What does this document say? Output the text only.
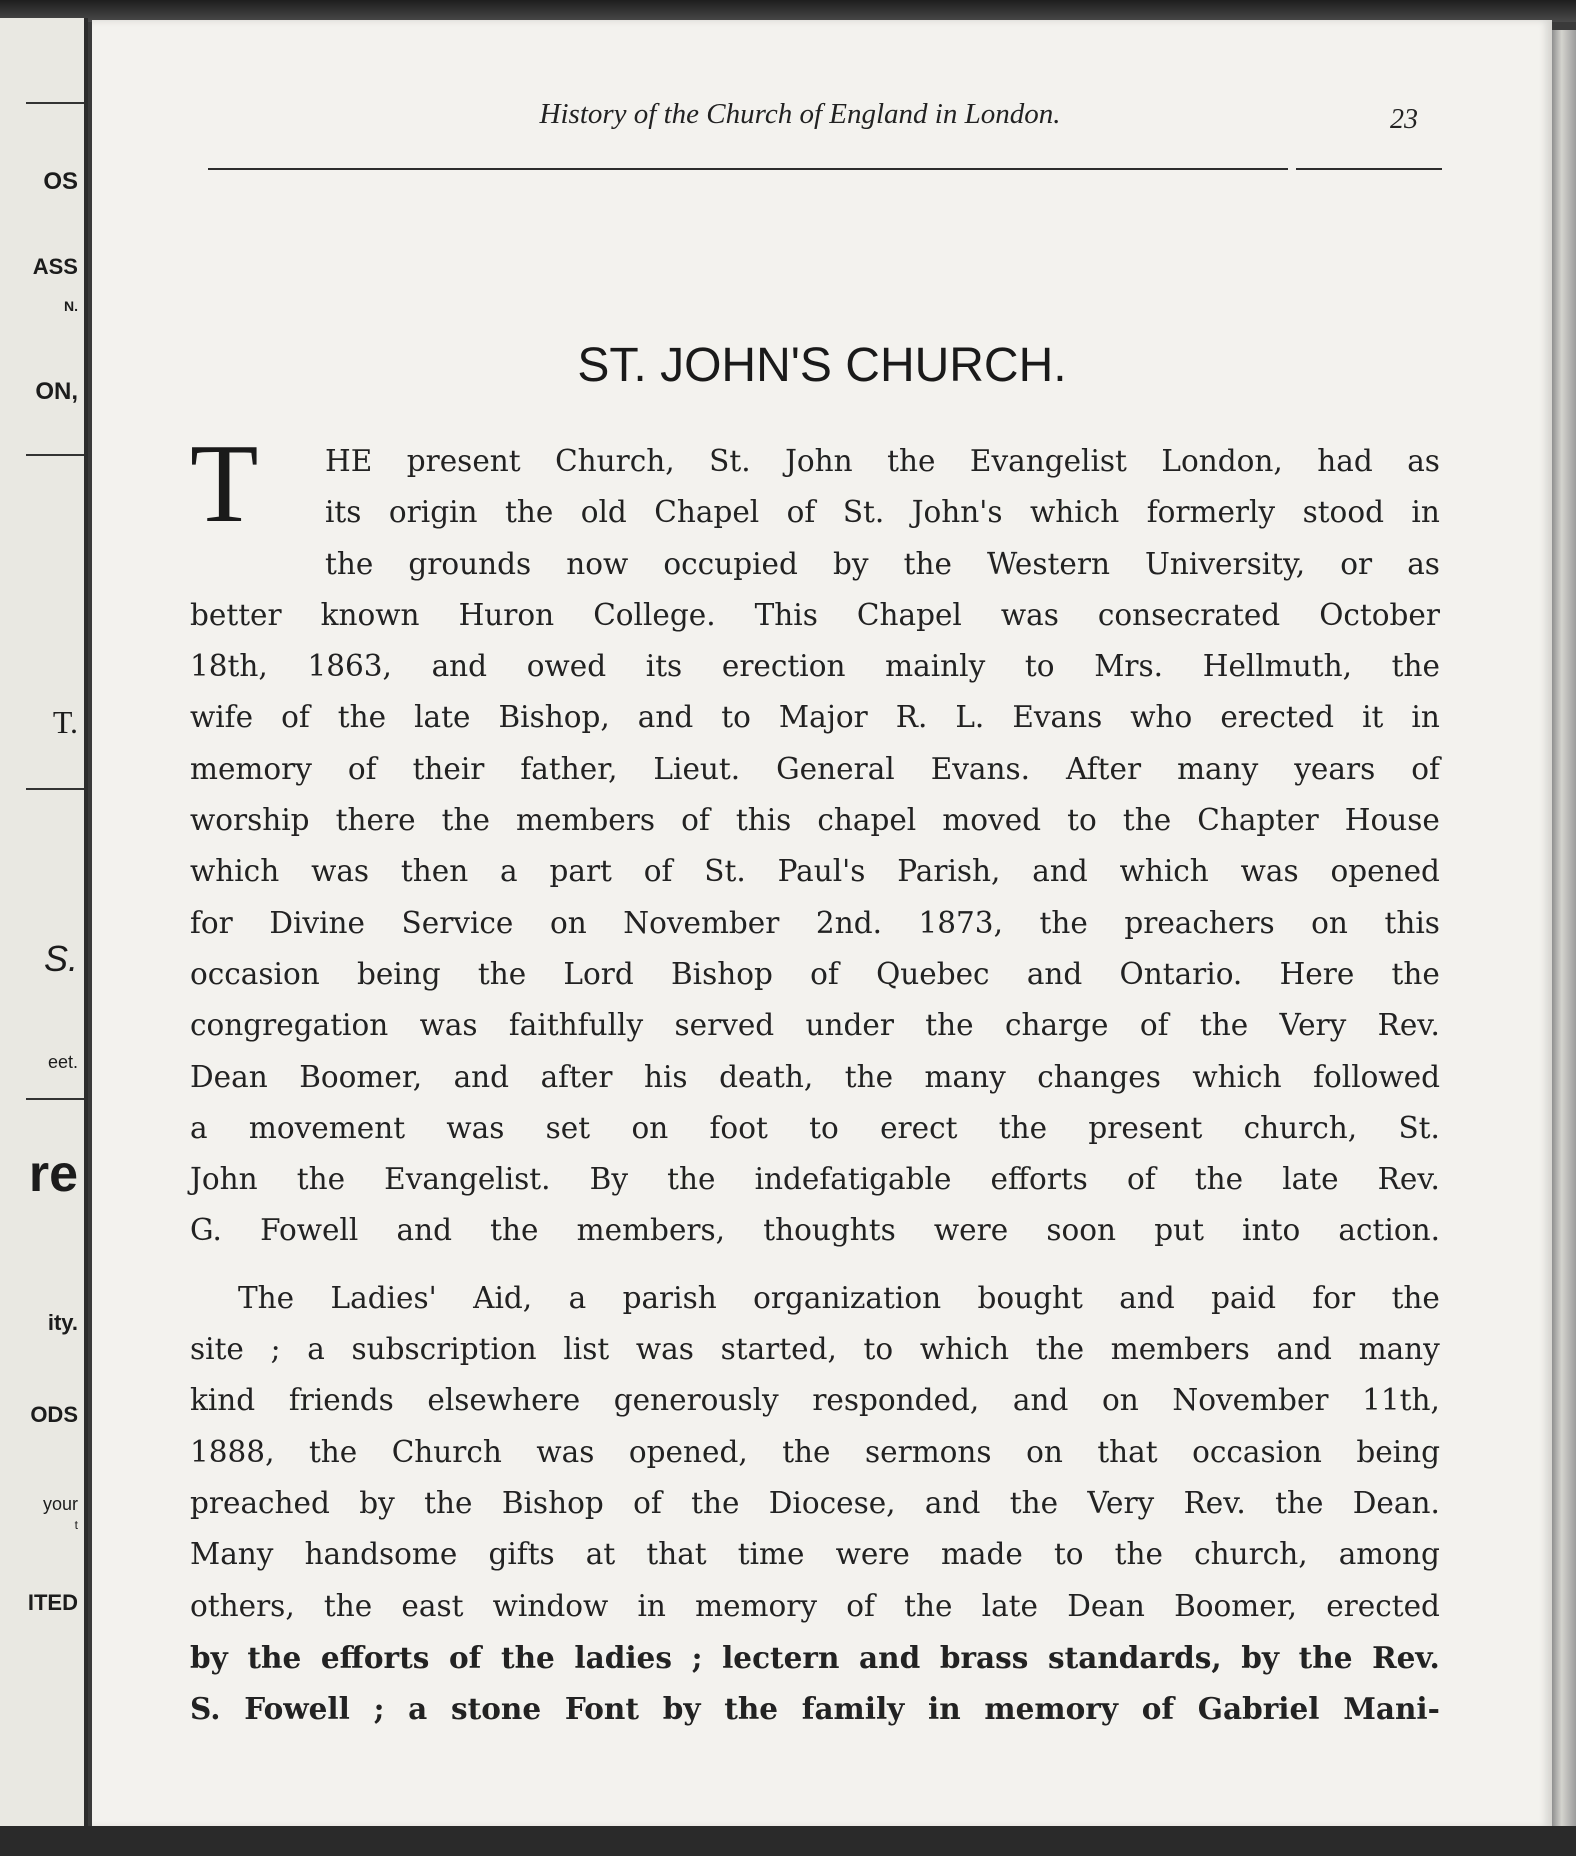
OS
ASS
N.
ON,
T.
S.
eet.
re
ity.
ODS
your
t
ITED
History of the Church of England in London.	23
ST. JOHN'S CHURCH.
T HE present Church, St. John the Evangelist London, had as
its origin the old Chapel of St. John's which formerly stood in
the grounds now occupied by the Western University, or as
better known Huron College. This Chapel was consecrated October
18th, 1863, and owed its erection mainly to Mrs. Hellmuth, the
wife of the late Bishop, and to Major R. L. Evans who erected it in
memory of their father, Lieut. General Evans. After many years of
worship there the members of this chapel moved to the Chapter House
which was then a part of St. Paul's Parish, and which was opened
for Divine Service on November 2nd. 1873, the preachers on this
occasion being the Lord Bishop of Quebec and Ontario. Here the
congregation was faithfully served under the charge of the Very Rev.
Dean Boomer, and after his death, the many changes which followed
a movement was set on foot to erect the present church, St.
John the Evangelist. By the indefatigable efforts of the late Rev.
G. Fowell and the members, thoughts were soon put into action.
The Ladies' Aid, a parish organization bought and paid for the
site ; a subscription list was started, to which the members and many
kind friends elsewhere generously responded, and on November 11th,
1888, the Church was opened, the sermons on that occasion being
preached by the Bishop of the Diocese, and the Very Rev. the Dean.
Many handsome gifts at that time were made to the church, among
others, the east window in memory of the late Dean Boomer, erected
by the efforts of the ladies ; lectern and brass standards, by the Rev.
S. Fowell ; a stone Font by the family in memory of Gabriel Mani-
